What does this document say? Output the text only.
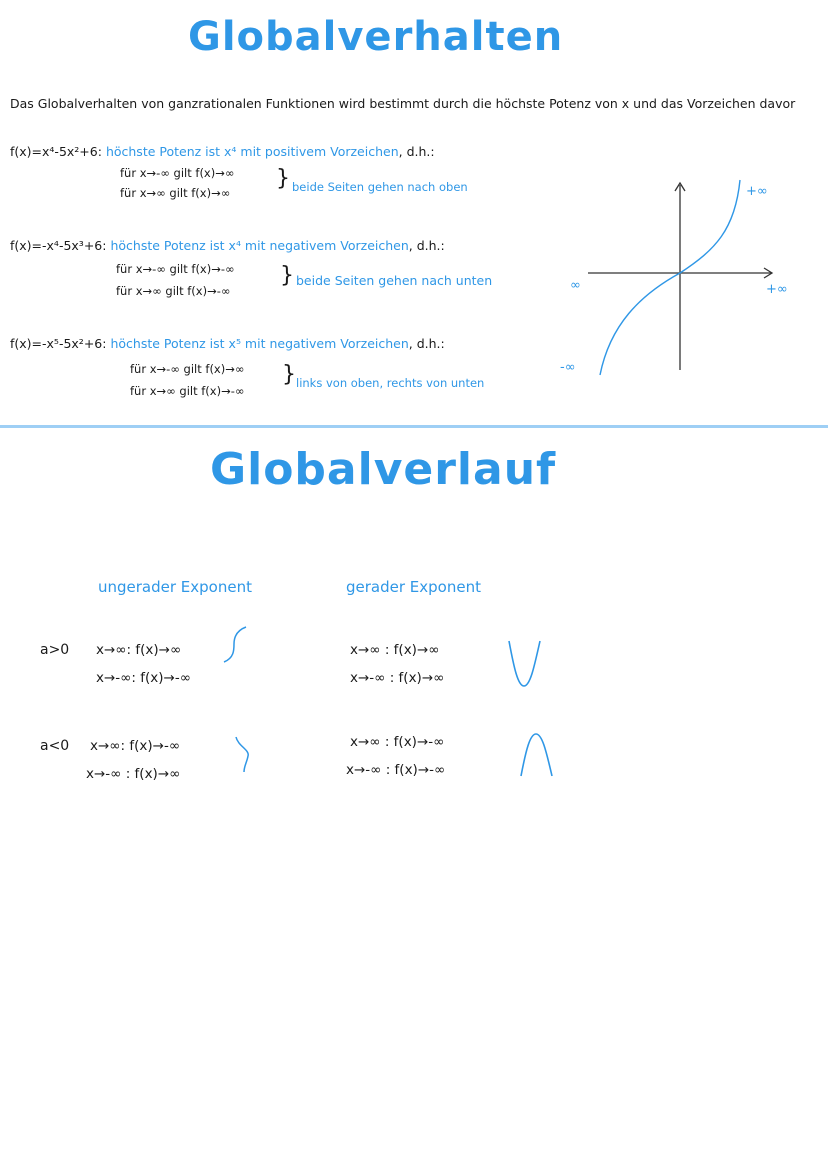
Globalverhalten
Das Globalverhalten von ganzrationalen Funktionen wird bestimmt durch die höchste Potenz von x und das Vorzeichen davor
f(x)=x⁴-5x²+6: höchste Potenz ist x⁴ mit positivem Vorzeichen, d.h.:
für x→-∞ gilt f(x)→∞
für x→∞ gilt f(x)→∞
} beide Seiten gehen nach oben
f(x)=-x⁴-5x³+6: höchste Potenz ist x⁴ mit negativem Vorzeichen, d.h.:
für x→-∞ gilt f(x)→-∞
für x→∞ gilt f(x)→-∞
} beide Seiten gehen nach unten
f(x)=-x⁵-5x²+6: höchste Potenz ist x⁵ mit negativem Vorzeichen, d.h.:
für x→-∞ gilt f(x)→∞
für x→∞ gilt f(x)→-∞
} links von oben, rechts von unten
+∞
+∞
∞
-∞
Globalverlauf
ungerader Exponent	gerader Exponent
a>0 x→∞: f(x)→∞
x→-∞: f(x)→-∞
x→∞ : f(x)→∞
x→-∞ : f(x)→∞
a<0 x→∞: f(x)→-∞
x→-∞ : f(x)→∞
x→∞ : f(x)→-∞
x→-∞ : f(x)→-∞
